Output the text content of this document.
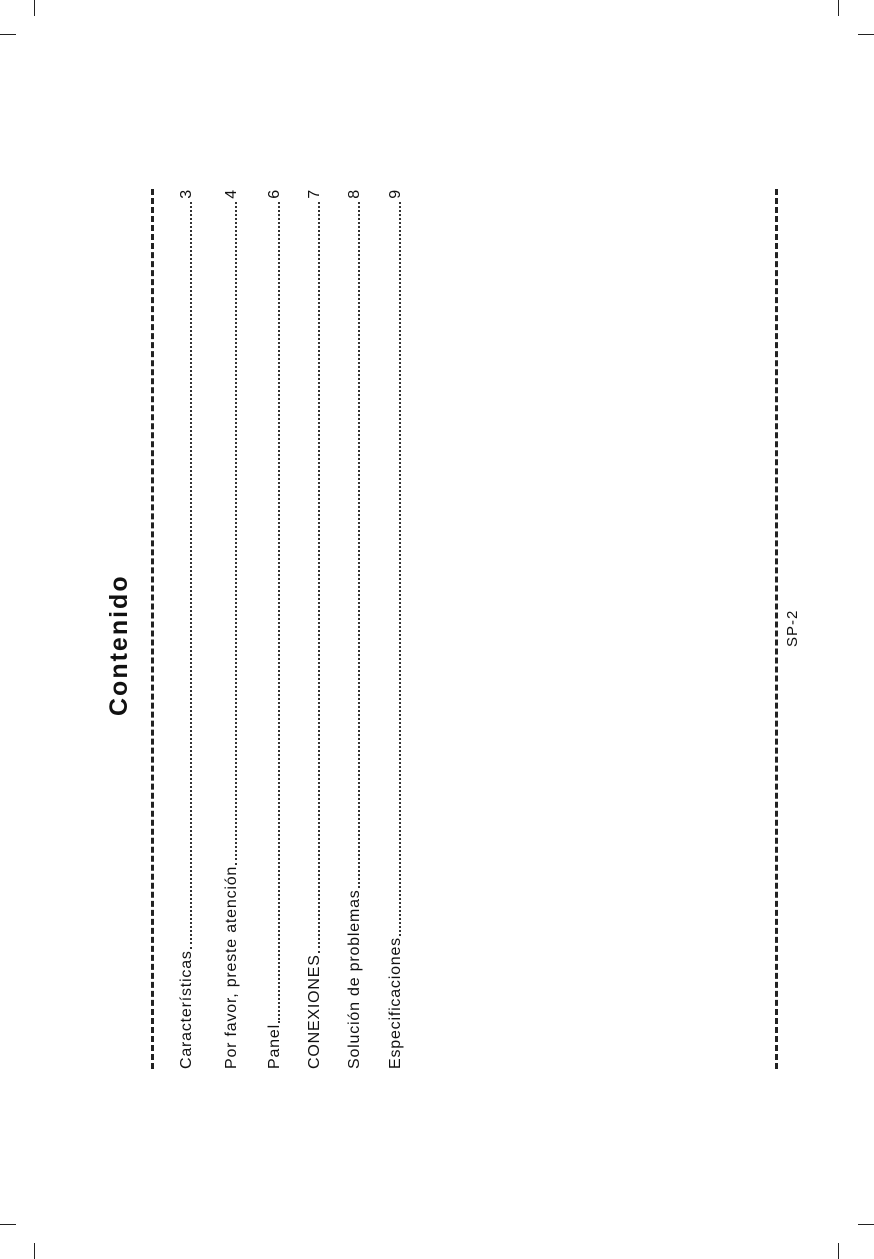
Contenido
Características
3
Por favor, preste atención
4
Panel
6
CONEXIONES
7
Solución de problemas
8
Especificaciones
9
SP-2
